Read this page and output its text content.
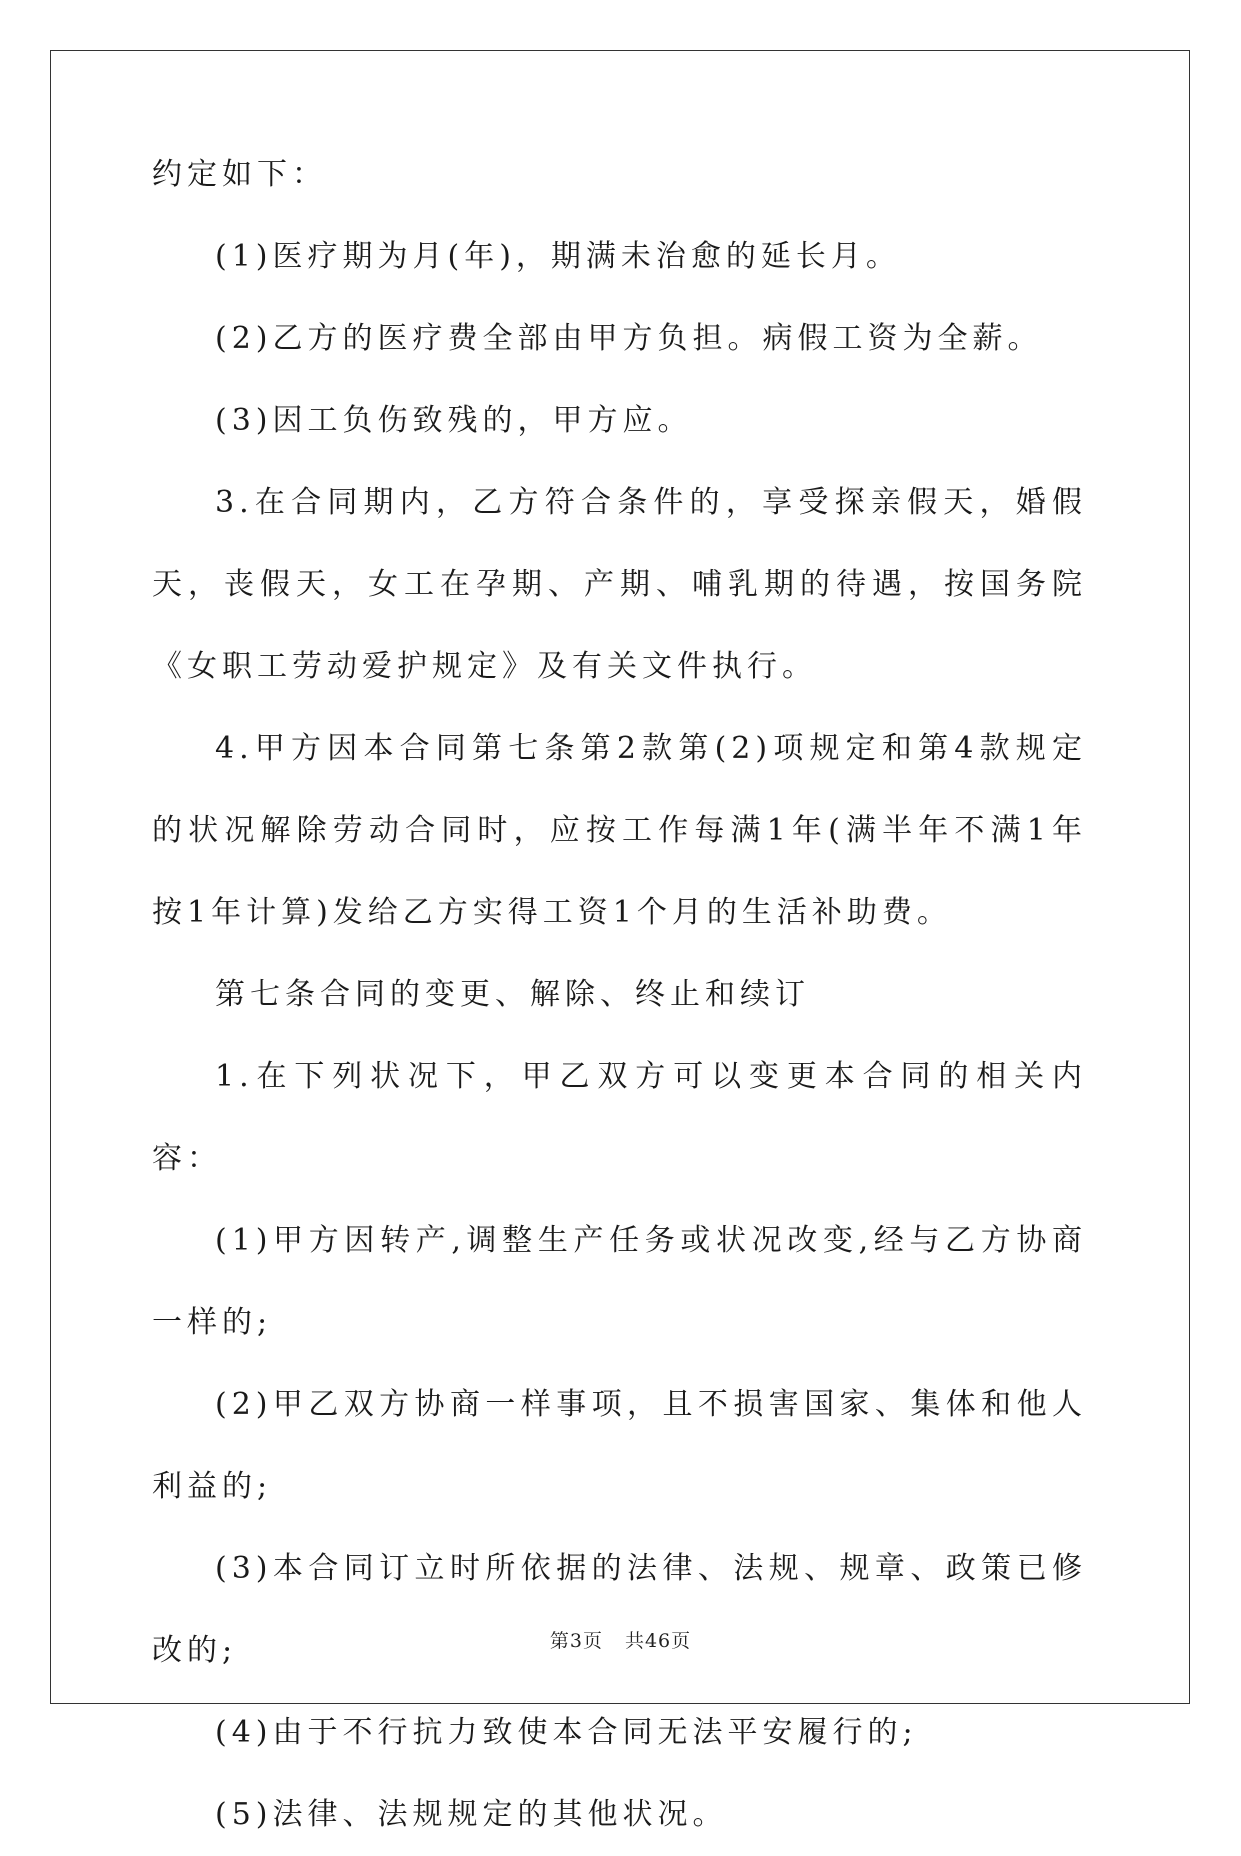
约定如下：

(1)医疗期为月(年)，期满未治愈的延长月。

(2)乙方的医疗费全部由甲方负担。病假工资为全薪。

(3)因工负伤致残的，甲方应。

3.在合同期内，乙方符合条件的，享受探亲假天，婚假天，丧假天，女工在孕期、产期、哺乳期的待遇，按国务院《女职工劳动爱护规定》及有关文件执行。

4.甲方因本合同第七条第2款第(2)项规定和第4款规定的状况解除劳动合同时，应按工作每满1年(满半年不满1年按1年计算)发给乙方实得工资1个月的生活补助费。

第七条合同的变更、解除、终止和续订

1.在下列状况下，甲乙双方可以变更本合同的相关内容：

(1)甲方因转产,调整生产任务或状况改变,经与乙方协商一样的;

(2)甲乙双方协商一样事项，且不损害国家、集体和他人利益的;

(3)本合同订立时所依据的法律、法规、规章、政策已修改的;

(4)由于不行抗力致使本合同无法平安履行的;

(5)法律、法规规定的其他状况。

第3页 共46页
